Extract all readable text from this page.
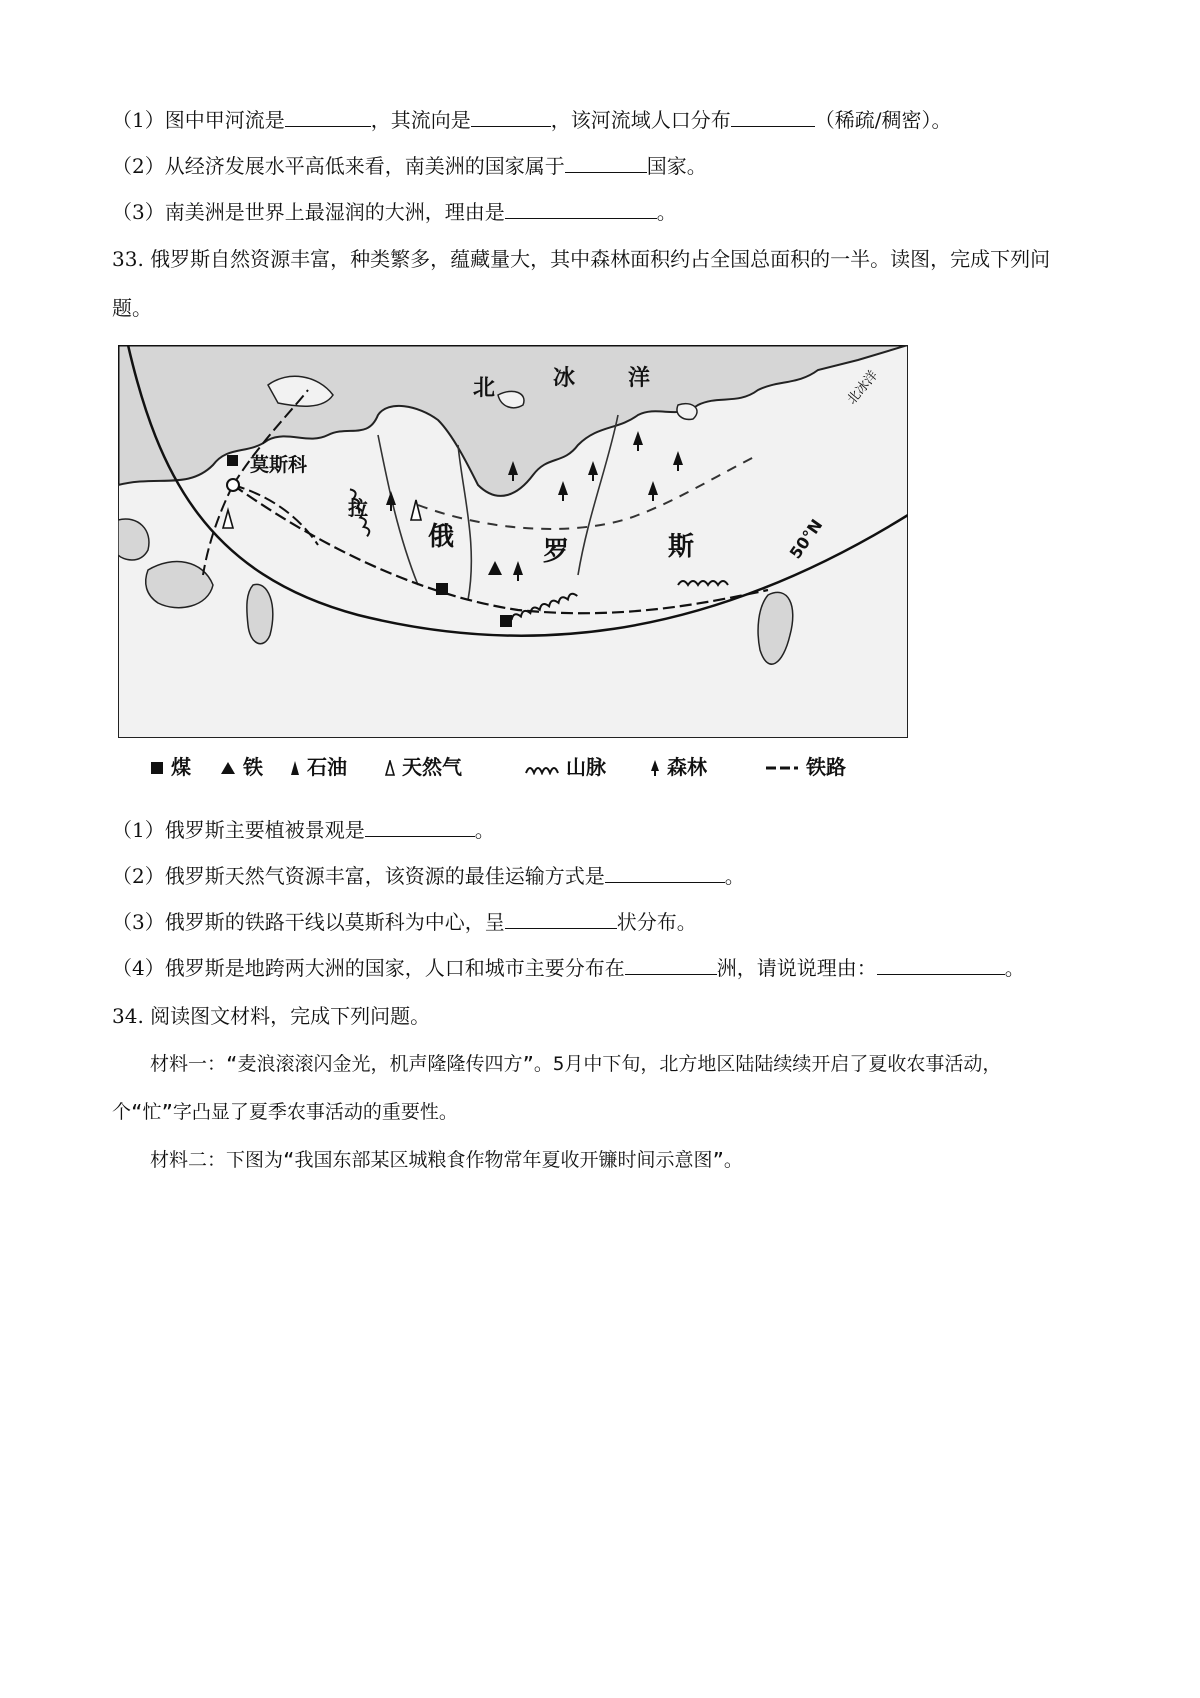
（1）图中甲河流是	，其流向是	，该河流域人口分布	（稀疏/稠密）。
（2）从经济发展水平高低来看，南美洲的国家属于	国家。
（3）南美洲是世界上最湿润的大洲，理由是	。
33. 俄罗斯自然资源丰富，种类繁多，蕴藏量大，其中森林面积约占全国总面积的一半。读图，完成下列问
题。
北	冰 洋
莫斯科
拉
俄	罗	斯	50°N
北冰洋
煤	铁	石油	天然气	山脉	森林	铁路
（1）俄罗斯主要植被景观是	。
（2）俄罗斯天然气资源丰富，该资源的最佳运输方式是	。
（3）俄罗斯的铁路干线以莫斯科为中心，呈	状分布。
（4）俄罗斯是地跨两大洲的国家，人口和城市主要分布在	洲，请说说理由：	。
34. 阅读图文材料，完成下列问题。
材料一：“麦浪滚滚闪金光，机声隆隆传四方”。5月中下旬，北方地区陆陆续续开启了夏收农事活动，
个“忙”字凸显了夏季农事活动的重要性。
材料二：下图为“我国东部某区城粮食作物常年夏收开镰时间示意图”。
